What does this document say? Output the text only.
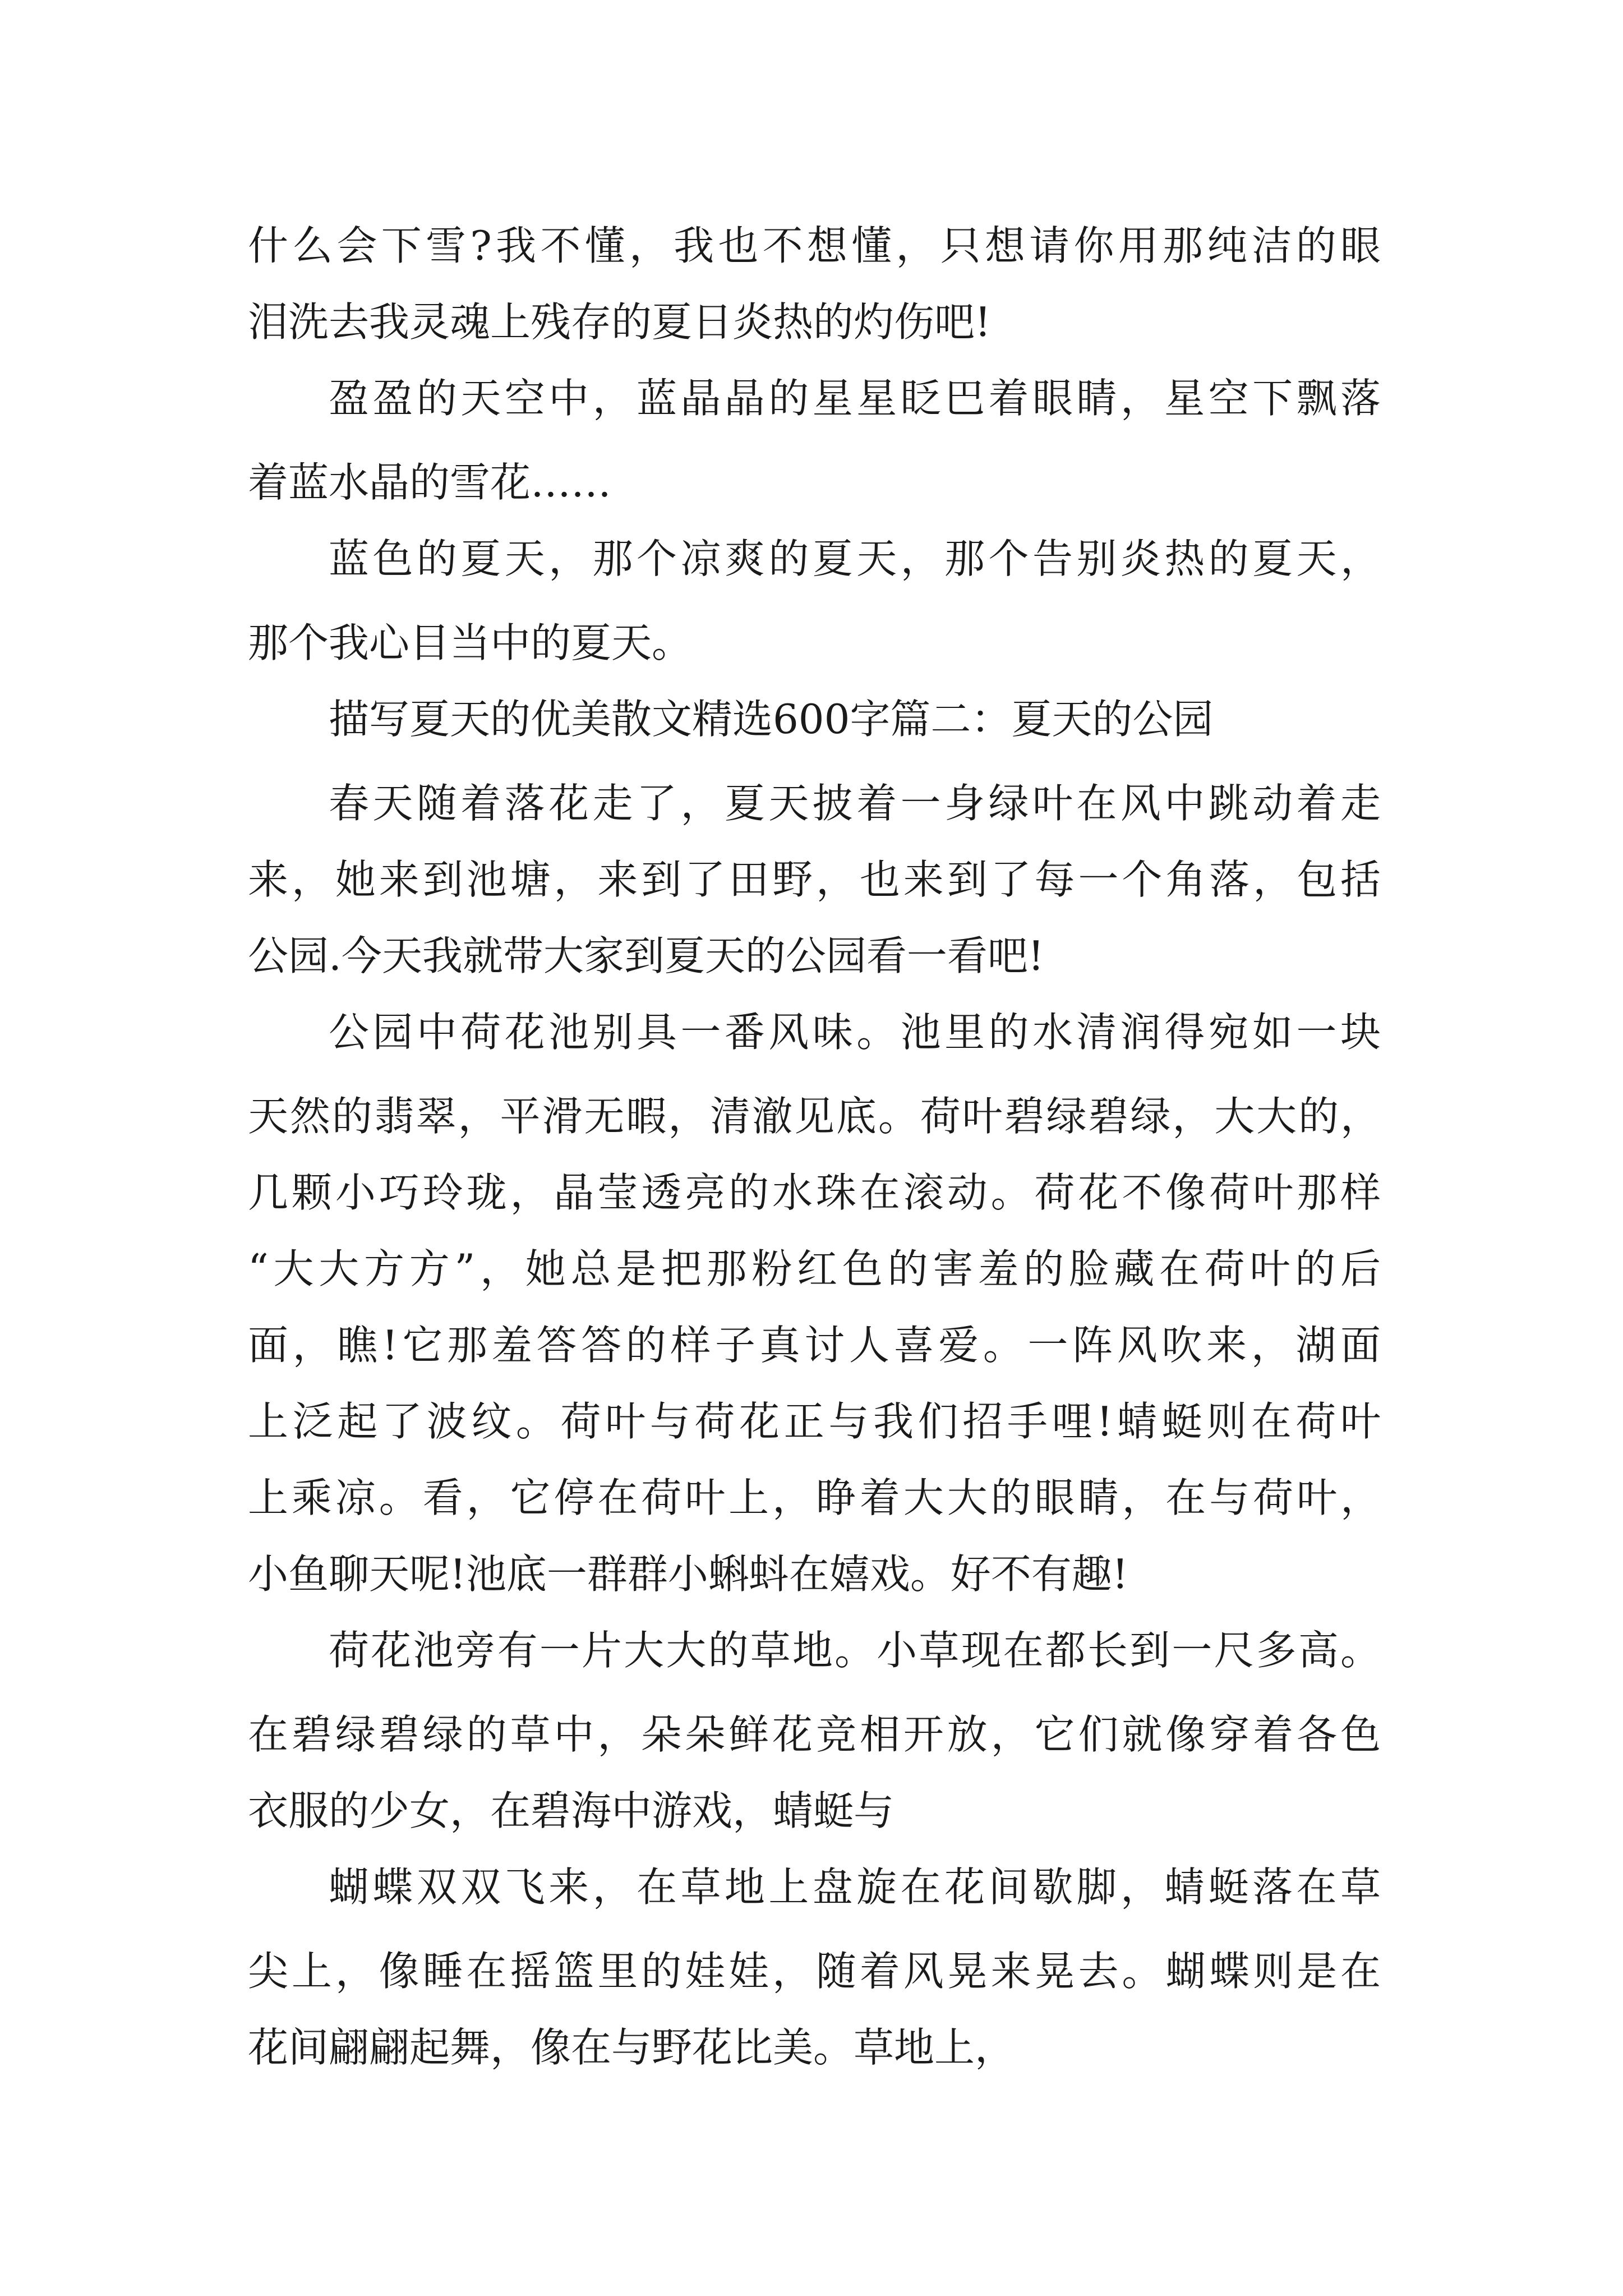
什么会下雪?我不懂，我也不想懂，只想请你用那纯洁的眼
泪洗去我灵魂上残存的夏日炎热的灼伤吧!
盈盈的天空中，蓝晶晶的星星眨巴着眼睛，星空下飘落
着蓝水晶的雪花……
蓝色的夏天，那个凉爽的夏天，那个告别炎热的夏天，
那个我心目当中的夏天。
描写夏天的优美散文精选600字篇二：夏天的公园
春天随着落花走了，夏天披着一身绿叶在风中跳动着走
来，她来到池塘，来到了田野，也来到了每一个角落，包括
公园.今天我就带大家到夏天的公园看一看吧!
公园中荷花池别具一番风味。池里的水清润得宛如一块
天然的翡翠，平滑无暇，清澈见底。荷叶碧绿碧绿，大大的，
几颗小巧玲珑，晶莹透亮的水珠在滚动。荷花不像荷叶那样
“大大方方”，她总是把那粉红色的害羞的脸藏在荷叶的后
面，瞧!它那羞答答的样子真讨人喜爱。一阵风吹来，湖面
上泛起了波纹。荷叶与荷花正与我们招手哩!蜻蜓则在荷叶
上乘凉。看，它停在荷叶上，睁着大大的眼睛，在与荷叶，
小鱼聊天呢!池底一群群小蝌蚪在嬉戏。好不有趣!
荷花池旁有一片大大的草地。小草现在都长到一尺多高。
在碧绿碧绿的草中，朵朵鲜花竞相开放，它们就像穿着各色
衣服的少女，在碧海中游戏，蜻蜓与
蝴蝶双双飞来，在草地上盘旋在花间歇脚，蜻蜓落在草
尖上，像睡在摇篮里的娃娃，随着风晃来晃去。蝴蝶则是在
花间翩翩起舞，像在与野花比美。草地上，
